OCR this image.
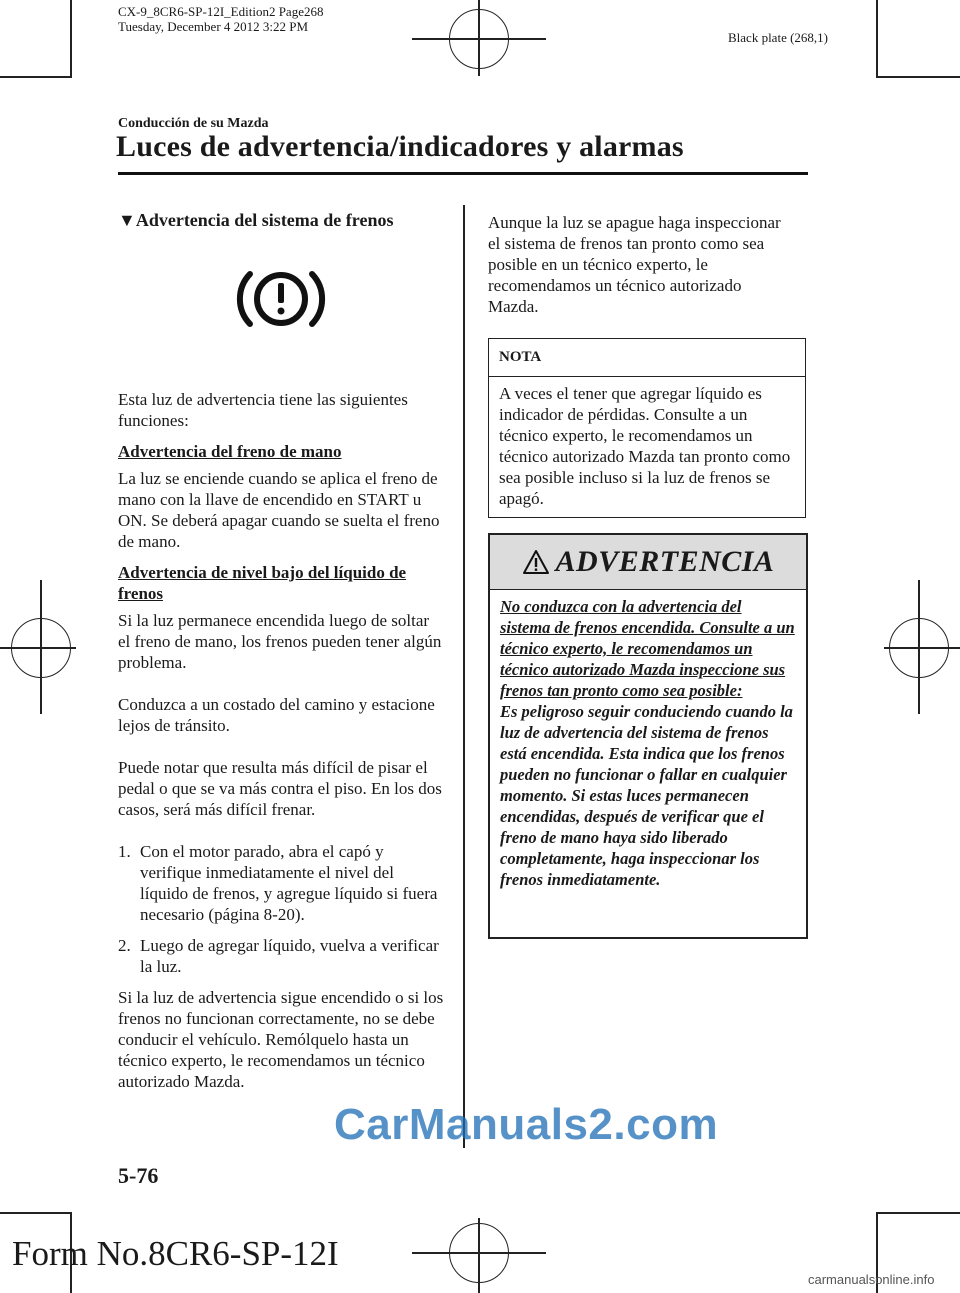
CX-9_8CR6-SP-12I_Edition2 Page268
Tuesday, December 4 2012 3:22 PM
Black plate (268,1)
Conducción de su Mazda
Luces de advertencia/indicadores y alarmas

▼Advertencia del sistema de frenos

Esta luz de advertencia tiene las siguientes funciones:

Advertencia del freno de mano

La luz se enciende cuando se aplica el freno de mano con la llave de encendido en START u ON. Se deberá apagar cuando se suelta el freno de mano.

Advertencia de nivel bajo del líquido de frenos

Si la luz permanece encendida luego de soltar el freno de mano, los frenos pueden tener algún problema.

Conduzca a un costado del camino y estacione lejos de tránsito.

Puede notar que resulta más difícil de pisar el pedal o que se va más contra el piso. En los dos casos, será más difícil frenar.

1. Con el motor parado, abra el capó y verifique inmediatamente el nivel del líquido de frenos, y agregue líquido si fuera necesario (página 8-20).
2. Luego de agregar líquido, vuelva a verificar la luz.

Si la luz de advertencia sigue encendido o si los frenos no funcionan correctamente, no se debe conducir el vehículo. Remólquelo hasta un técnico experto, le recomendamos un técnico autorizado Mazda.

Aunque la luz se apague haga inspeccionar el sistema de frenos tan pronto como sea posible en un técnico experto, le recomendamos un técnico autorizado Mazda.

NOTA
A veces el tener que agregar líquido es indicador de pérdidas. Consulte a un técnico experto, le recomendamos un técnico autorizado Mazda tan pronto como sea posible incluso si la luz de frenos se apagó.
ADVERTENCIA
No conduzca con la advertencia del sistema de frenos encendida. Consulte a un técnico experto, le recomendamos un técnico autorizado Mazda inspeccione sus frenos tan pronto como sea posible:
Es peligroso seguir conduciendo cuando la luz de advertencia del sistema de frenos está encendida. Esta indica que los frenos pueden no funcionar o fallar en cualquier momento. Si estas luces permanecen encendidas, después de verificar que el freno de mano haya sido liberado completamente, haga inspeccionar los frenos inmediatamente.
CarManuals2.com
5-76
Form No.8CR6-SP-12I
carmanualsonline.info
